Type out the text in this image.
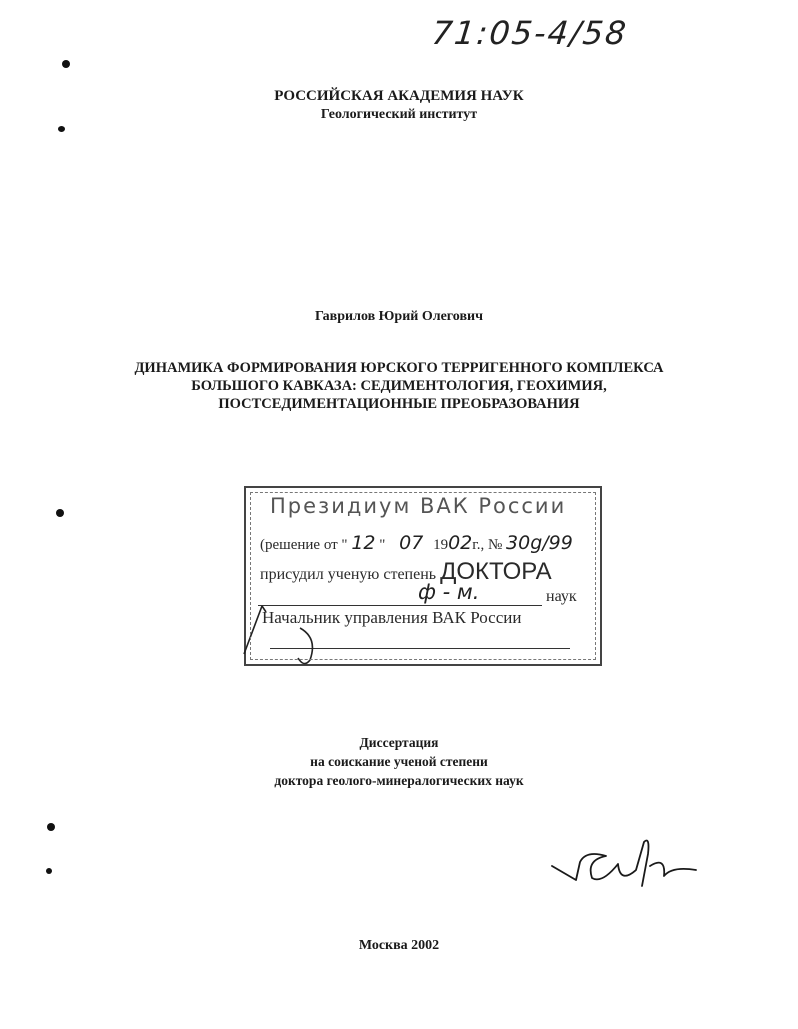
71:05-4/58
РОССИЙСКАЯ АКАДЕМИЯ НАУК
Геологический институт
Гаврилов Юрий Олегович
ДИНАМИКА ФОРМИРОВАНИЯ ЮРСКОГО ТЕРРИГЕННОГО КОМПЛЕКСА
БОЛЬШОГО КАВКАЗА: СЕДИМЕНТОЛОГИЯ, ГЕОХИМИЯ,
ПОСТСЕДИМЕНТАЦИОННЫЕ ПРЕОБРАЗОВАНИЯ
Президиум ВАК России
(решение от " 12 " 07 1902г., № 30g/99
присудил ученую степень ДОКТОРА
ф - м.	наук
Начальник управления ВАК России
Диссертация
на соискание ученой степени
доктора геолого-минералогических наук
Москва 2002
